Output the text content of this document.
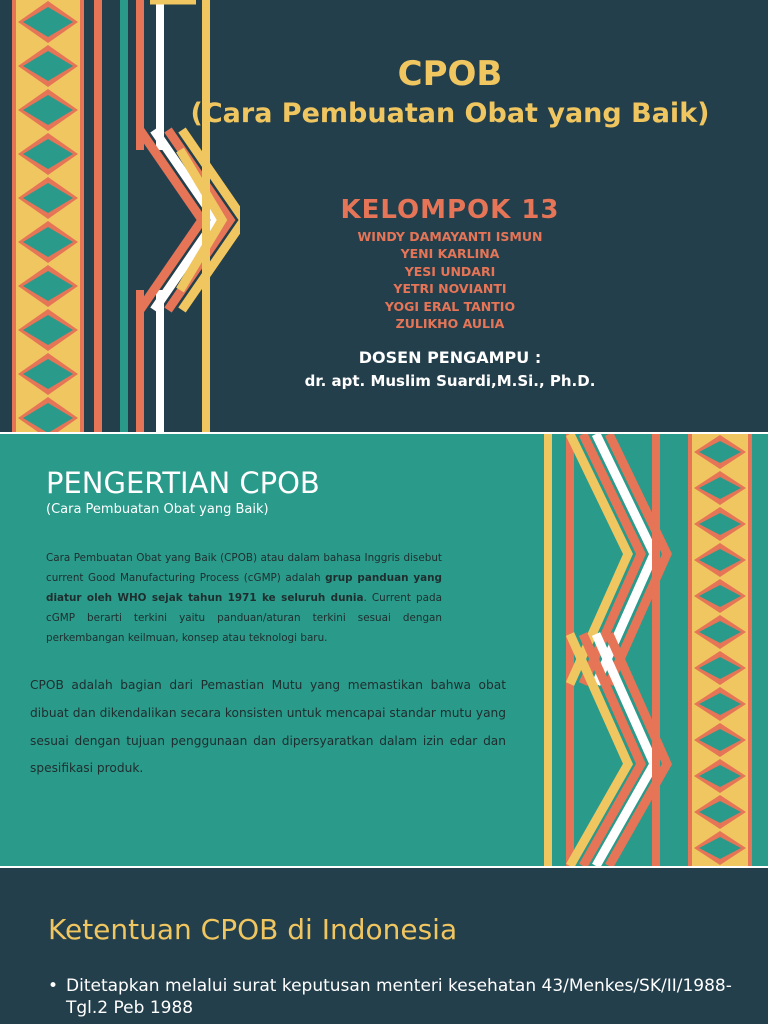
CPOB
(Cara Pembuatan Obat yang Baik)
KELOMPOK 13
WINDY DAMAYANTI ISMUN
YENI KARLINA
YESI UNDARI
YETRI NOVIANTI
YOGI ERAL TANTIO
ZULIKHO AULIA
DOSEN PENGAMPU :
dr. apt. Muslim Suardi,M.Si., Ph.D.
PENGERTIAN CPOB
(Cara Pembuatan Obat yang Baik)
Cara Pembuatan Obat yang Baik (CPOB) atau dalam bahasa Inggris disebut current Good Manufacturing Process (cGMP) adalah grup panduan yang diatur oleh WHO sejak tahun 1971 ke seluruh dunia. Current pada cGMP berarti terkini yaitu panduan/aturan terkini sesuai dengan perkembangan keilmuan, konsep atau teknologi baru.
CPOB adalah bagian dari Pemastian Mutu yang memastikan bahwa obat dibuat dan dikendalikan secara konsisten untuk mencapai standar mutu yang sesuai dengan tujuan penggunaan dan dipersyaratkan dalam izin edar dan spesifikasi produk.
Ketentuan CPOB di Indonesia
• Ditetapkan melalui surat keputusan menteri kesehatan 43/Menkes/SK/II/1988-Tgl.2 Peb 1988
